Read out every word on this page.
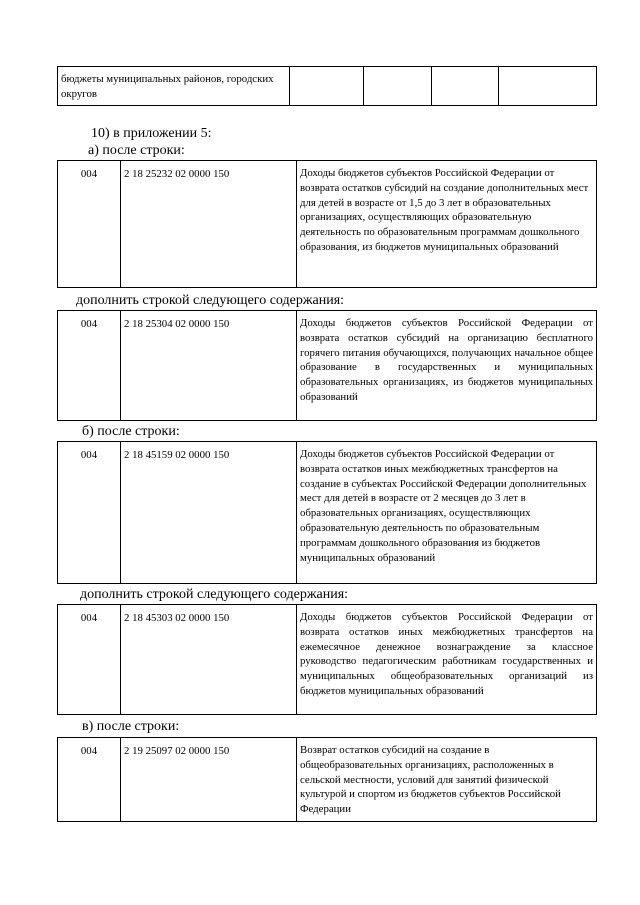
бюджеты муниципальных районов, городских округов				
10) в приложении 5:
а) после строки:
004	2 18 25232 02 0000 150	Доходы бюджетов субъектов Российской Федерации от возврата остатков субсидий на создание дополнительных мест для детей в возрасте от 1,5 до 3 лет в образовательных организациях, осуществляющих образовательную деятельность по образовательным программам дошкольного образования, из бюджетов муниципальных образований
дополнить строкой следующего содержания:
004	2 18 25304 02 0000 150	Доходы бюджетов субъектов Российской Федерации от возврата остатков субсидий на организацию бесплатного горячего питания обучающихся, получающих начальное общее образование в государственных и муниципальных образовательных организациях, из бюджетов муниципальных образований
б) после строки:
004	2 18 45159 02 0000 150	Доходы бюджетов субъектов Российской Федерации от возврата остатков иных межбюджетных трансфертов на создание в субъектах Российской Федерации дополнительных мест для детей в возрасте от 2 месяцев до 3 лет в образовательных организациях, осуществляющих образовательную деятельность по образовательным программам дошкольного образования из бюджетов муниципальных образований
дополнить строкой следующего содержания:
004	2 18 45303 02 0000 150	Доходы бюджетов субъектов Российской Федерации от возврата остатков иных межбюджетных трансфертов на ежемесячное денежное вознаграждение за классное руководство педагогическим работникам государственных и муниципальных общеобразовательных организаций из бюджетов муниципальных образований
в) после строки:
004	2 19 25097 02 0000 150	Возврат остатков субсидий на создание в общеобразовательных организациях, расположенных в сельской местности, условий для занятий физической культурой и спортом из бюджетов субъектов Российской Федерации
